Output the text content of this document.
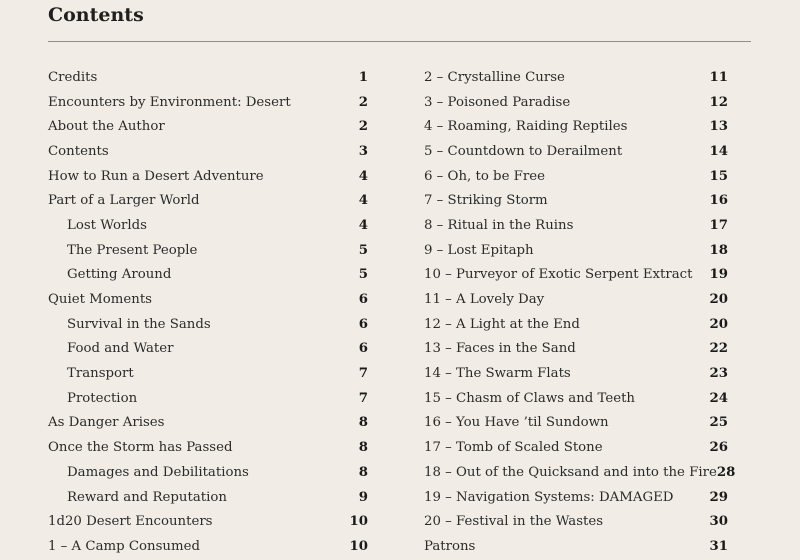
Contents
Credits	1
Encounters by Environment: Desert	2
About the Author	2
Contents	3
How to Run a Desert Adventure	4
Part of a Larger World	4
Lost Worlds	4
The Present People	5
Getting Around	5
Quiet Moments	6
Survival in the Sands	6
Food and Water	6
Transport	7
Protection	7
As Danger Arises	8
Once the Storm has Passed	8
Damages and Debilitations	8
Reward and Reputation	9
1d20 Desert Encounters	10
1 – A Camp Consumed	10
2 – Crystalline Curse	11
3 – Poisoned Paradise	12
4 – Roaming, Raiding Reptiles	13
5 – Countdown to Derailment	14
6 – Oh, to be Free	15
7 – Striking Storm	16
8 – Ritual in the Ruins	17
9 – Lost Epitaph	18
10 – Purveyor of Exotic Serpent Extract 19
11 – A Lovely Day	20
12 – A Light at the End	20
13 – Faces in the Sand	22
14 – The Swarm Flats	23
15 – Chasm of Claws and Teeth	24
16 – You Have ’til Sundown	25
17 – Tomb of Scaled Stone	26
18 – Out of the Quicksand and into the Fire 28
19 – Navigation Systems: DAMAGED	29
20 – Festival in the Wastes	30
Patrons	31
